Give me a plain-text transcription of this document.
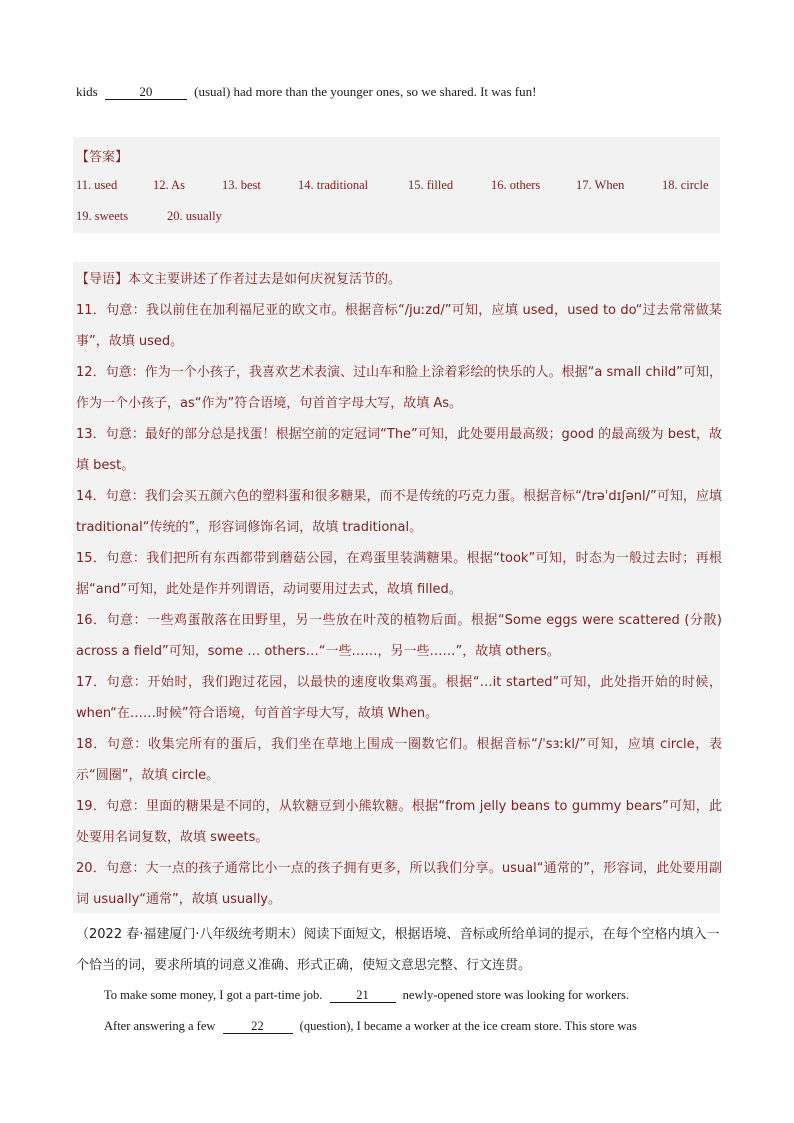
kids	20	(usual) had more than the younger ones, so we shared. It was fun!
【答案】
11. used	12. As	13. best	14. traditional	15. filled	16. others	17. When	18. circle
19. sweets	20. usually

【导语】本文主要讲述了作者过去是如何庆祝复活节的。

11．句意：我以前住在加利福尼亚的欧文市。根据音标“/juːzd/”可知，应填 used，used to do“过去常常做某事”，故填 used。

12．句意：作为一个小孩子，我喜欢艺术表演、过山车和脸上涂着彩绘的快乐的人。根据“a small child”可知，作为一个小孩子，as“作为”符合语境，句首首字母大写，故填 As。

13．句意：最好的部分总是找蛋！根据空前的定冠词“The”可知，此处要用最高级；good 的最高级为 best，故填 best。

14．句意：我们会买五颜六色的塑料蛋和很多糖果，而不是传统的巧克力蛋。根据音标“/trəˈdɪʃənl/”可知，应填 traditional“传统的”，形容词修饰名词，故填 traditional。

15．句意：我们把所有东西都带到蘑菇公园，在鸡蛋里装满糖果。根据“took”可知，时态为一般过去时；再根据“and”可知，此处是作并列谓语，动词要用过去式，故填 filled。

16．句意：一些鸡蛋散落在田野里，另一些放在叶茂的植物后面。根据“Some eggs were scattered (分散) across a field”可知，some … others…“一些……，另一些……”，故填 others。

17．句意：开始时，我们跑过花园，以最快的速度收集鸡蛋。根据“…it started”可知，此处指开始的时候，when“在……时候”符合语境，句首首字母大写，故填 When。

18．句意：收集完所有的蛋后，我们坐在草地上围成一圈数它们。根据音标“/ˈsɜːkl/”可知，应填 circle，表示“圆圈”，故填 circle。

19．句意：里面的糖果是不同的，从软糖豆到小熊软糖。根据“from jelly beans to gummy bears”可知，此处要用名词复数，故填 sweets。

20．句意：大一点的孩子通常比小一点的孩子拥有更多，所以我们分享。usual“通常的”，形容词，此处要用副词 usually“通常”，故填 usually。

（2022 春·福建厦门·八年级统考期末）阅读下面短文，根据语境、音标或所给单词的提示，在每个空格内填入一个恰当的词，要求所填的词意义准确、形式正确，使短文意思完整、行文连贯。

To make some money, I got a part-time job.	21	newly-opened store was looking for workers.
After answering a few	22	(question), I became a worker at the ice cream store. This store was
